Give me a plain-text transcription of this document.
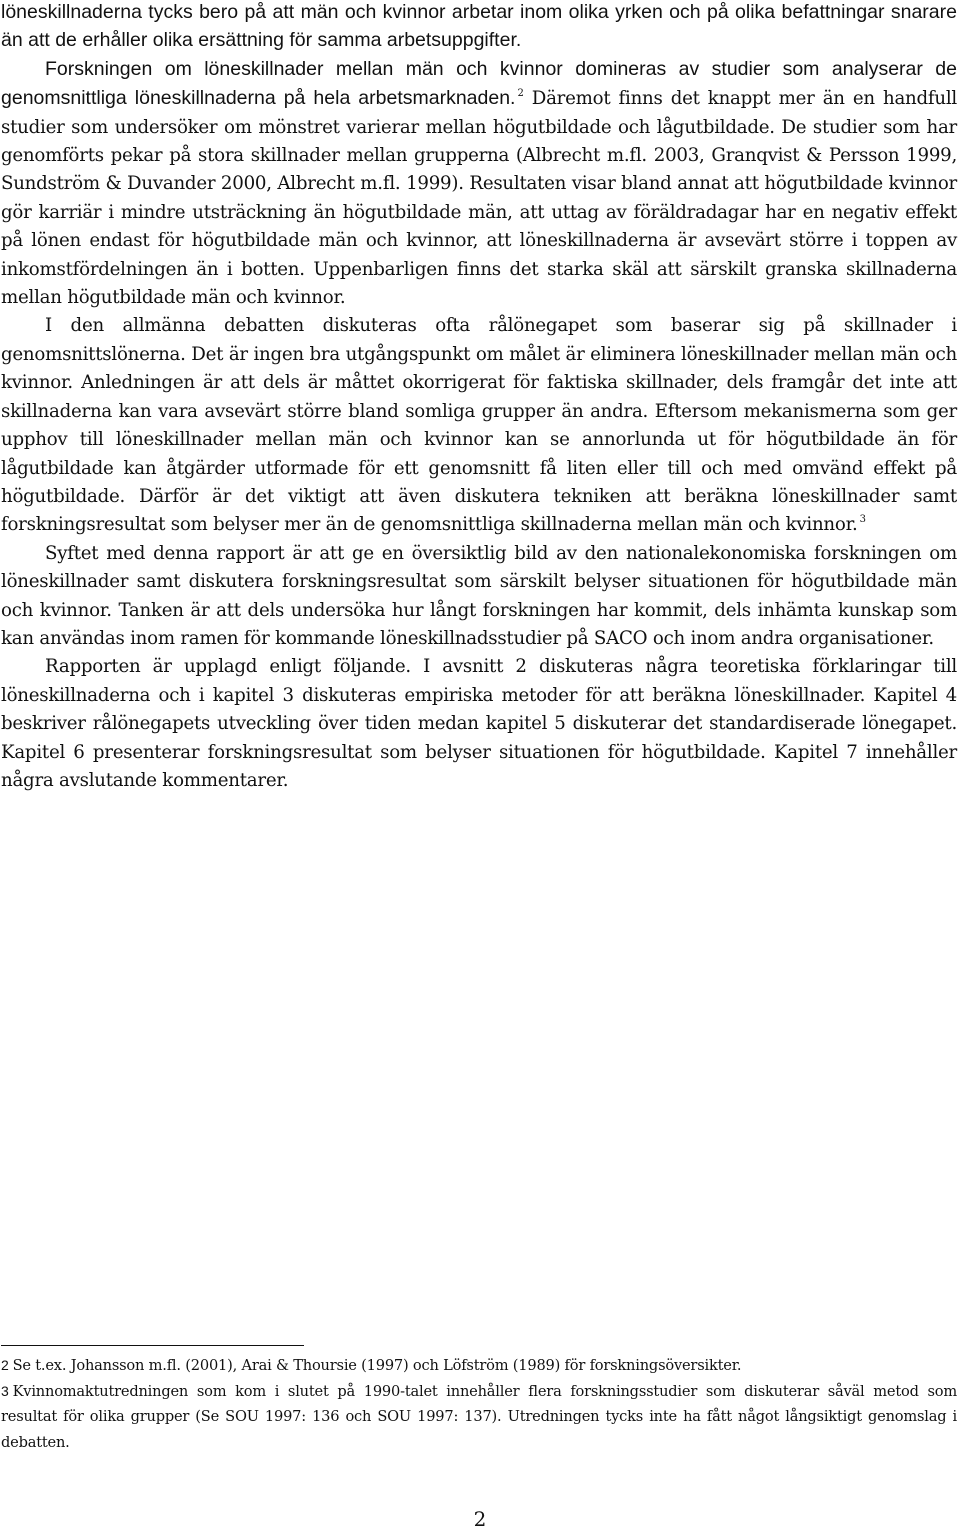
löneskillnaderna tycks bero på att män och kvinnor arbetar inom olika yrken och på olika befattningar snarare än att de erhåller olika ersättning för samma arbetsuppgifter.

Forskningen om löneskillnader mellan män och kvinnor domineras av studier som analyserar de genomsnittliga löneskillnaderna på hela arbetsmarknaden. $^2$ Däremot finns det knappt mer än en handfull studier som undersöker om mönstret varierar mellan högutbildade och lågutbildade. De studier som har genomförts pekar på stora skillnader mellan grupperna (Albrecht m.fl. 2003, Granqvist & Persson 1999, Sundström & Duvander 2000, Albrecht m.fl. 1999). Resultaten visar bland annat att högutbildade kvinnor gör karriär i mindre utsträckning än högutbildade män, att uttag av föräldradagar har en negativ effekt på lönen endast för högutbildade män och kvinnor, att löneskillnaderna är avsevärt större i toppen av inkomstfördelningen än i botten. Uppenbarligen finns det starka skäl att särskilt granska skillnaderna mellan högutbildade män och kvinnor.

I den allmänna debatten diskuteras ofta rålönegapet som baserar sig på skillnader i genomsnittslönerna. Det är ingen bra utgångspunkt om målet är eliminera löneskillnader mellan män och kvinnor. Anledningen är att dels är måttet okorrigerat för faktiska skillnader, dels framgår det inte att skillnaderna kan vara avsevärt större bland somliga grupper än andra. Eftersom mekanismerna som ger upphov till löneskillnader mellan män och kvinnor kan se annorlunda ut för högutbildade än för lågutbildade kan åtgärder utformade för ett genomsnitt få liten eller till och med omvänd effekt på högutbildade. Därför är det viktigt att även diskutera tekniken att beräkna löneskillnader samt forskningsresultat som belyser mer än de genomsnittliga skillnaderna mellan män och kvinnor. $^3$

Syftet med denna rapport är att ge en översiktlig bild av den nationalekonomiska forskningen om löneskillnader samt diskutera forskningsresultat som särskilt belyser situationen för högutbildade män och kvinnor. Tanken är att dels undersöka hur långt forskningen har kommit, dels inhämta kunskap som kan användas inom ramen för kommande löneskillnadsstudier på SACO och inom andra organisationer.

Rapporten är upplagd enligt följande. I avsnitt 2 diskuteras några teoretiska förklaringar till löneskillnaderna och i kapitel 3 diskuteras empiriska metoder för att beräkna löneskillnader. Kapitel 4 beskriver rålönegapets utveckling över tiden medan kapitel 5 diskuterar det standardiserade lönegapet. Kapitel 6 presenterar forskningsresultat som belyser situationen för högutbildade. Kapitel 7 innehåller några avslutande kommentarer.

2 Se t.ex. Johansson m.fl. (2001), Arai & Thoursie (1997) och Löfström (1989) för forskningsöversikter.

3 Kvinnomaktutredningen som kom i slutet på 1990-talet innehåller flera forskningsstudier som diskuterar såväl metod som resultat för olika grupper (Se SOU 1997: 136 och SOU 1997: 137). Utredningen tycks inte ha fått något långsiktigt genomslag i debatten.

2
